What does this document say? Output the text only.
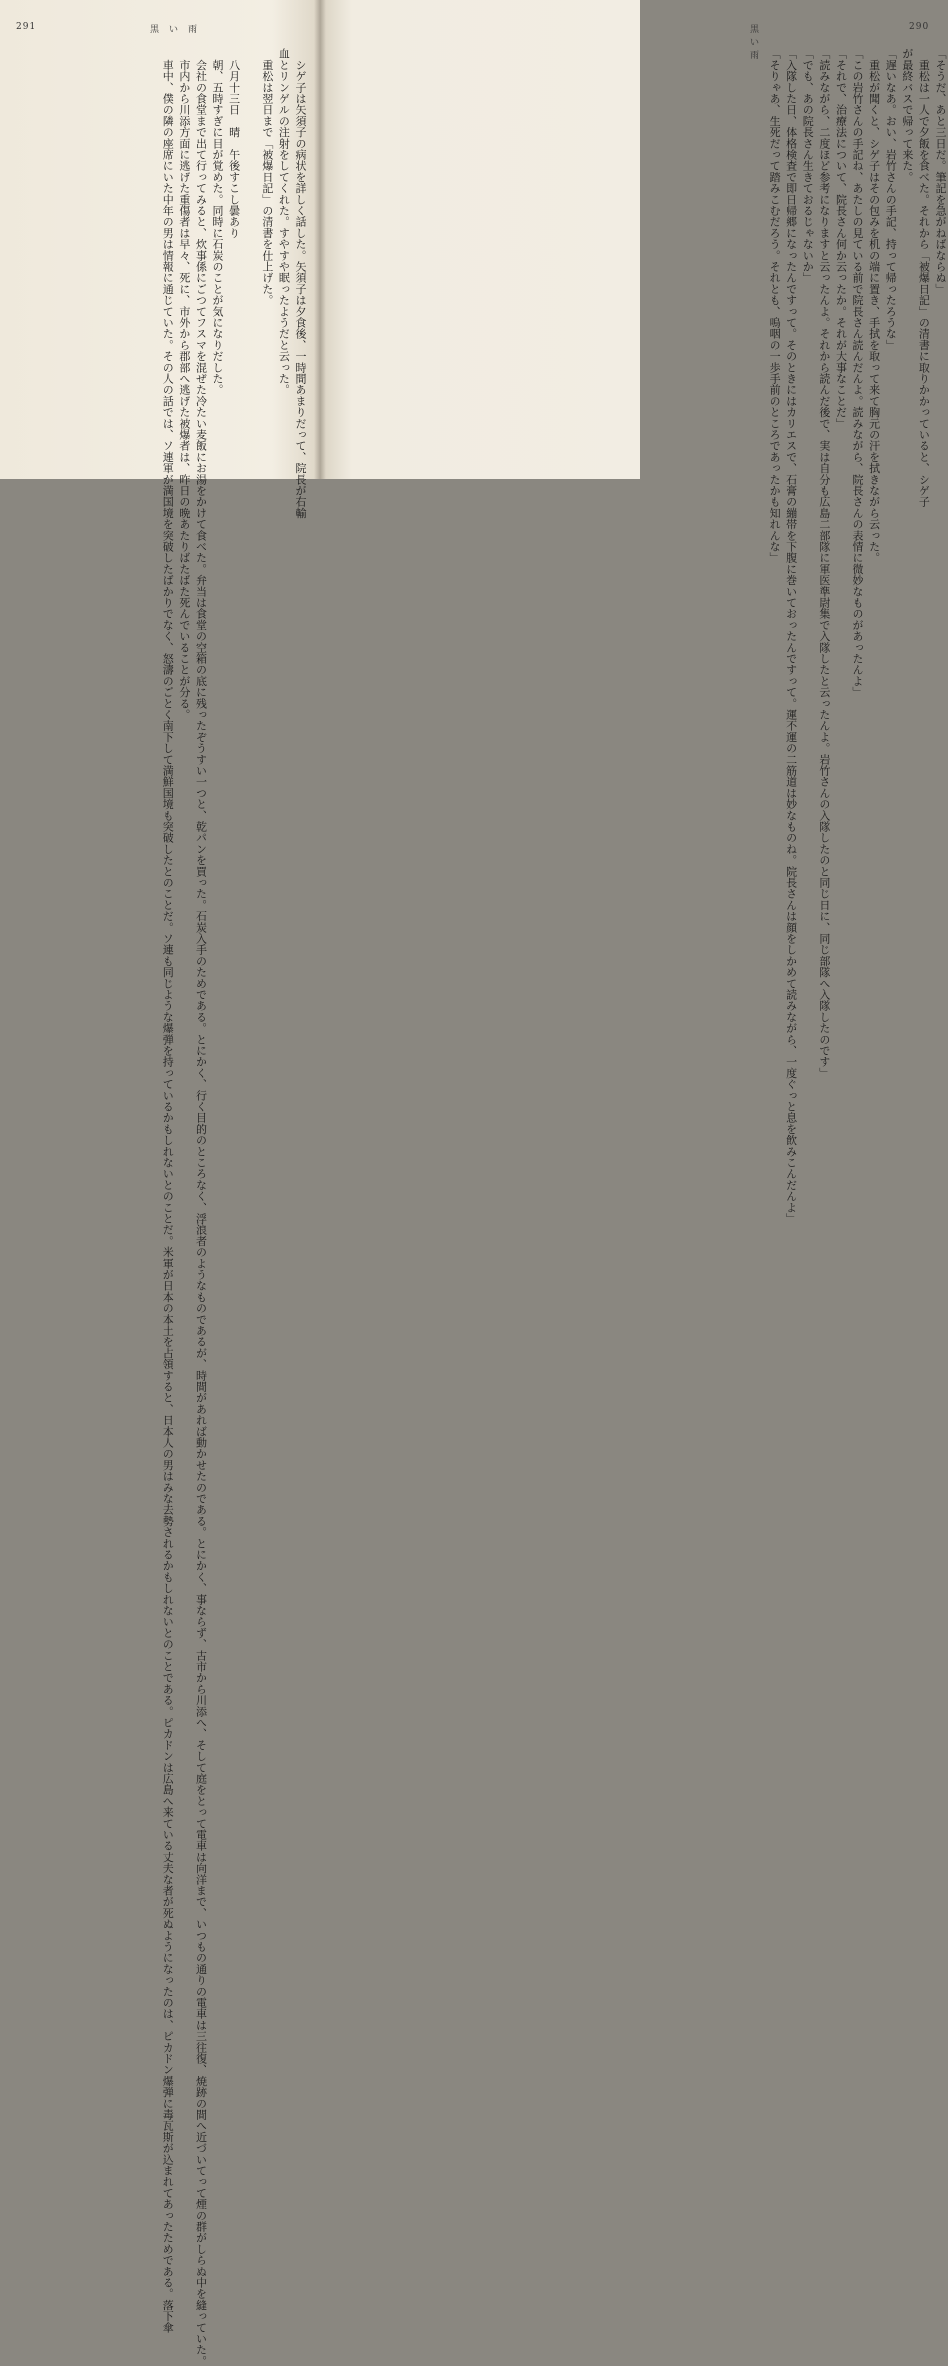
291	黒い雨
　シゲ子は矢須子の病状を詳しく話した。矢須子は夕食後、一時間あまりだって、院長が右輸
血とリンゲルの注射をしてくれた。すやすや眠ったようだと云った。
　重松は翌日まで「被爆日記」の清書を仕上げた。
　八月十三日　晴　午後すこし曇あり
　朝、五時すぎに目が覚めた。同時に石炭のことが気になりだした。
　会社の食堂まで出て行ってみると、炊事係にごつてフスマを混ぜた冷たい麦飯にお湯をかけて食べた。弁当は食堂の空箱の底に残ったぞうすい一つと、乾パンを買った。石炭入手のためである。とにかく、行く目的のところなく、浮浪者のようなものであるが、時間があれば動かせたのである。とにかく、事ならず、古市から川添へ、そして庭をとって電車は向洋まで、いつもの通りの電車は三往復、焼跡の間へ近づいてって煙の群がしらぬ中を縫っていた。
　市内から川添方面に逃げた重傷者は早々、死に、市外から郡部へ逃げた被爆者は、昨日の晩あたりばたばた死んでいることが分る。
　車中、僕の隣の座席にいた中年の男は情報に通じていた。その人の話では、ソ連軍が満国境を突破したばかりでなく、怒濤のごとく南下して満鮮国境も突破したとのことだ。ソ連も同じような爆弾を持っているかもしれないとのことだ。米軍が日本の本土を占領すると、日本人の男はみな去勢されるかもしれないとのことである。ピカドンは広島へ来ている丈夫な者が死ぬようになったのは、ピカドン爆弾に毒瓦斯が込まれてあったためである。落下傘
黒い雨
290
「そうだ、あと三日だ。筆記を急がねばならぬ」
　重松は一人で夕飯を食べた。それから「被爆日記」の清書に取りかかっていると、シゲ子
が最終バスで帰って来た。
「遅いなあ。おい、岩竹さんの手記、持って帰ったろうな」
　重松が聞くと、シゲ子はその包みを机の端に置き、手拭を取って来て胸元の汗を拭きながら云った。
「この岩竹さんの手記ね、あたしの見ている前で院長さん読んだんよ。読みながら、院長さんの表情に微妙なものがあったんよ」
「それで、治療法について、院長さん何か云ったか。それが大事なことだ」
「読みながら、二度ほど参考になりますと云ったんよ。それから読んだ後で、実は自分も広島二部隊に軍医準尉集で入隊したと云ったんよ。岩竹さんの入隊したのと同じ日に、同じ部隊へ入隊したのです」
「でも、あの院長さん生きておるじゃないか」
「入隊した日、体格検査で即日帰郷になったんですって。そのときにはカリエスで、石膏の繃帯を下腹に巻いておったんですって。運不運の二筋道は妙なものね。院長さんは顔をしかめて読みながら、一度ぐっと息を飲みこんだんよ」
「そりゃあ、生死だって踏みこむだろう。それとも、嗚咽の一歩手前のところであったかも知れんな」
